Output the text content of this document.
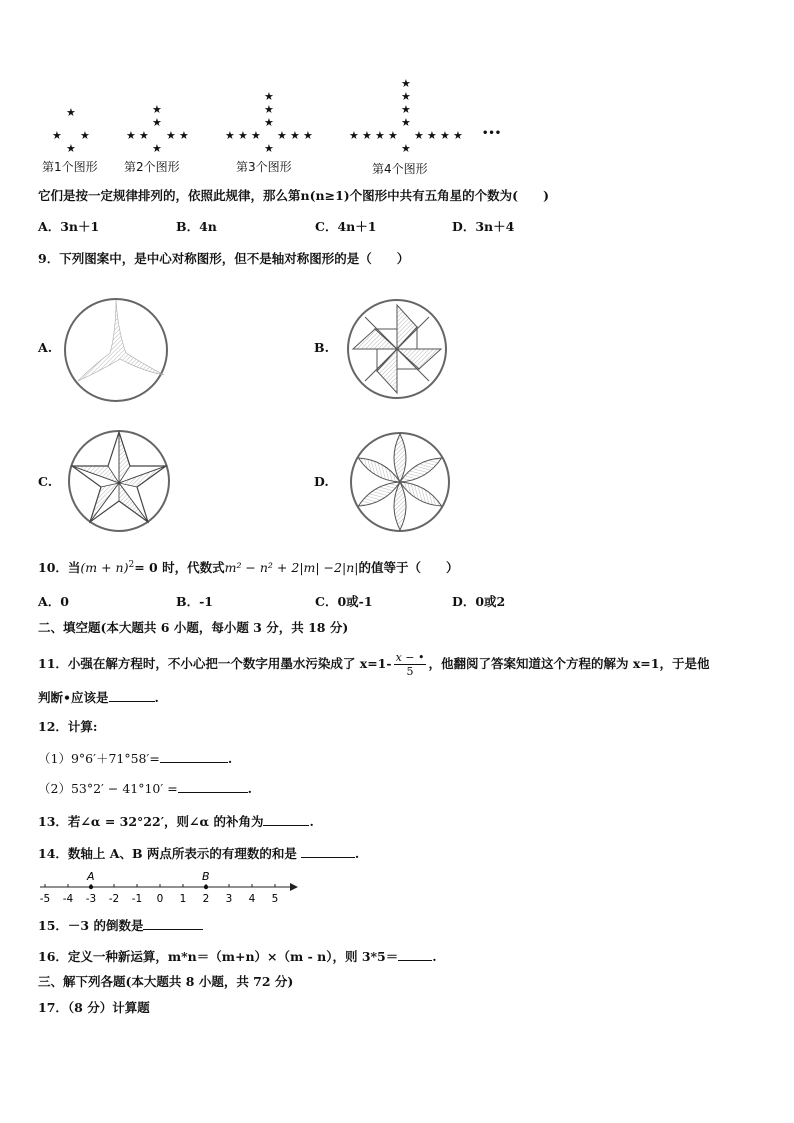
★
★ ★
★
★
★
★ ★ ★ ★
★
★
★
★
★ ★ ★ ★ ★ ★
★
★
★
★
★
★ ★ ★ ★ ★ ★ ★ ★
★
•••
第1个图形 第2个图形	第3个图形	第4个图形
它们是按一定规律排列的，依照此规律，那么第n(n≥1)个图形中共有五角星的个数为(　　)
A．3n＋1	B．4n	C．4n＋1	D．3n＋4
9．下列图案中，是中心对称图形，但不是轴对称图形的是（　　）
A.	B.
C.	D.
10．当$(m + n)^2= 0$ 时，代数式m² − n² + 2|m| −2|n|的值等于（　　）
A．0	B．-1	C．0或-1	D．0或2
二、填空题(本大题共 6 小题，每小题 3 分，共 18 分)
11．小强在解方程时，不小心把一个数字用墨水污染成了 $x=1- \frac{x - •}{5}$ ，他翻阅了答案知道这个方程的解为 x=1，于是他
判断•应该是	.
12．计算:
（1）9°6′＋71°58′=	.
（2）53°2′ − 41°10′ =	.
13．若∠α = 32°22′，则∠α 的补角为	.
14．数轴上 A、B 两点所表示的有理数的和是	.
-5 -4 -3 -2 -1 0 1 2 3 4 5
A	B
15．－3 的倒数是
16．定义一种新运算，m*n＝（m+n）×（m - n），则 3*5＝	.
三、解下列各题(本大题共 8 小题，共 72 分)
17．（8 分）计算题
